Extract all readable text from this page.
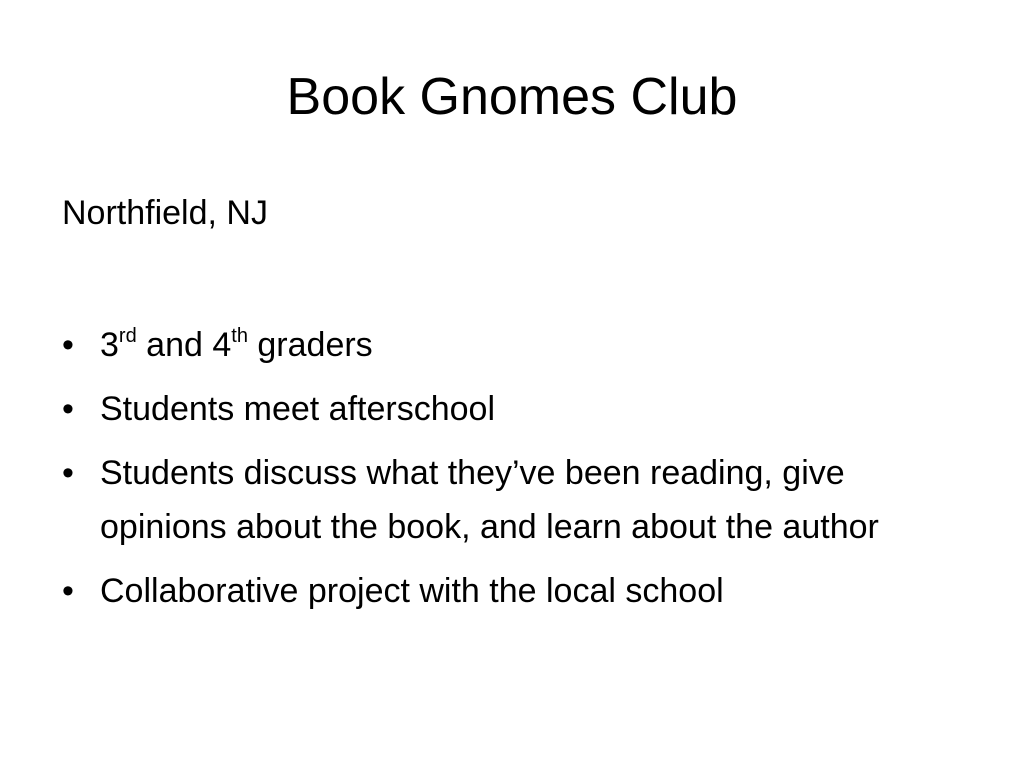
Book Gnomes Club

Northfield, NJ

• 3rd and 4th graders
• Students meet afterschool
• Students discuss what they’ve been reading, give opinions about the book, and learn about the author
• Collaborative project with the local school
